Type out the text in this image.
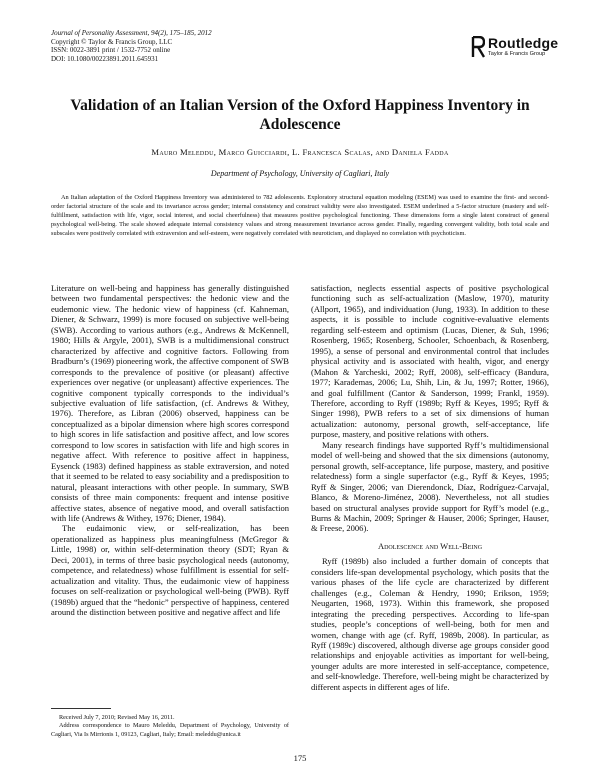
Journal of Personality Assessment, 94(2), 175–185, 2012
Copyright © Taylor & Francis Group, LLC
ISSN: 0022-3891 print / 1532-7752 online
DOI: 10.1080/00223891.2011.645931
Routledge
Taylor & Francis Group
Validation of an Italian Version of the Oxford Happiness Inventory in Adolescence
Mauro Meleddu, Marco Guicciardi, L. Francesca Scalas, and Daniela Fadda
Department of Psychology, University of Cagliari, Italy

An Italian adaptation of the Oxford Happiness Inventory was administered to 782 adolescents. Exploratory structural equation modeling (ESEM) was used to examine the first- and second-order factorial structure of the scale and its invariance across gender; internal consistency and construct validity were also investigated. ESEM underlined a 5-factor structure (mastery and self-fulfillment, satisfaction with life, vigor, social interest, and social cheerfulness) that measures positive psychological functioning. These dimensions form a single latent construct of general psychological well-being. The scale showed adequate internal consistency values and strong measurement invariance across gender. Finally, regarding convergent validity, both total scale and subscales were positively correlated with extraversion and self-esteem, were negatively correlated with neuroticism, and displayed no correlation with psychoticism.

Literature on well-being and happiness has generally distinguished between two fundamental perspectives: the hedonic view and the eudemonic view. The hedonic view of happiness (cf. Kahneman, Diener, & Schwarz, 1999) is more focused on subjective well-being (SWB). According to various authors (e.g., Andrews & McKennell, 1980; Hills & Argyle, 2001), SWB is a multidimensional construct characterized by affective and cognitive factors. Following from Bradburn’s (1969) pioneering work, the affective component of SWB corresponds to the prevalence of positive (or pleasant) affective experiences over negative (or unpleasant) affective experiences. The cognitive component typically corresponds to the individual’s subjective evaluation of life satisfaction, (cf. Andrews & Withey, 1976). Therefore, as Libran (2006) observed, happiness can be conceptualized as a bipolar dimension where high scores correspond to high scores in life satisfaction and positive affect, and low scores correspond to low scores in satisfaction with life and high scores in negative affect. With reference to positive affect in happiness, Eysenck (1983) defined happiness as stable extraversion, and noted that it seemed to be related to easy sociability and a predisposition to natural, pleasant interactions with other people. In summary, SWB consists of three main components: frequent and intense positive affective states, absence of negative mood, and overall satisfaction with life (Andrews & Withey, 1976; Diener, 1984).

The eudaimonic view, or self-realization, has been operationalized as happiness plus meaningfulness (McGregor & Little, 1998) or, within self-determination theory (SDT; Ryan & Deci, 2001), in terms of three basic psychological needs (autonomy, competence, and relatedness) whose fulfillment is essential for self-actualization and vitality. Thus, the eudaimonic view of happiness focuses on self-realization or psychological well-being (PWB). Ryff (1989b) argued that the “hedonic” perspective of happiness, centered around the distinction between positive and negative affect and life

satisfaction, neglects essential aspects of positive psychological functioning such as self-actualization (Maslow, 1970), maturity (Allport, 1965), and individuation (Jung, 1933). In addition to these aspects, it is possible to include cognitive-evaluative elements regarding self-esteem and optimism (Lucas, Diener, & Suh, 1996; Rosenberg, 1965; Rosenberg, Schooler, Schoenbach, & Rosenberg, 1995), a sense of personal and environmental control that includes physical activity and is associated with health, vigor, and energy (Mahon & Yarcheski, 2002; Ryff, 2008), self-efficacy (Bandura, 1977; Karademas, 2006; Lu, Shih, Lin, & Ju, 1997; Rotter, 1966), and goal fulfillment (Cantor & Sanderson, 1999; Frankl, 1959). Therefore, according to Ryff (1989b; Ryff & Keyes, 1995; Ryff & Singer 1998), PWB refers to a set of six dimensions of human actualization: autonomy, personal growth, self-acceptance, life purpose, mastery, and positive relations with others.

Many research findings have supported Ryff’s multidimensional model of well-being and showed that the six dimensions (autonomy, personal growth, self-acceptance, life purpose, mastery, and positive relatedness) form a single superfactor (e.g., Ryff & Keyes, 1995; Ryff & Singer, 2006; van Dierendonck, Díaz, Rodríguez-Carvajal, Blanco, & Moreno-Jiménez, 2008). Nevertheless, not all studies based on structural analyses provide support for Ryff’s model (e.g., Burns & Machin, 2009; Springer & Hauser, 2006; Springer, Hauser, & Freese, 2006).

Adolescence and Well-Being

Ryff (1989b) also included a further domain of concepts that considers life-span developmental psychology, which posits that the various phases of the life cycle are characterized by different challenges (e.g., Coleman & Hendry, 1990; Erikson, 1959; Neugarten, 1968, 1973). Within this framework, she proposed integrating the preceding perspectives. According to life-span studies, people’s conceptions of well-being, both for men and women, change with age (cf. Ryff, 1989b, 2008). In particular, as Ryff (1989c) discovered, although diverse age groups consider good relationships and enjoyable activities as important for well-being, younger adults are more interested in self-acceptance, competence, and self-knowledge. Therefore, well-being might be characterized by different aspects in different ages of life.

Received July 7, 2010; Revised May 16, 2011.

Address correspondence to Mauro Meleddu, Department of Psychology, University of Cagliari, Via Is Mirrionis 1, 09123, Cagliari, Italy; Email: meleddu@unica.it

175
